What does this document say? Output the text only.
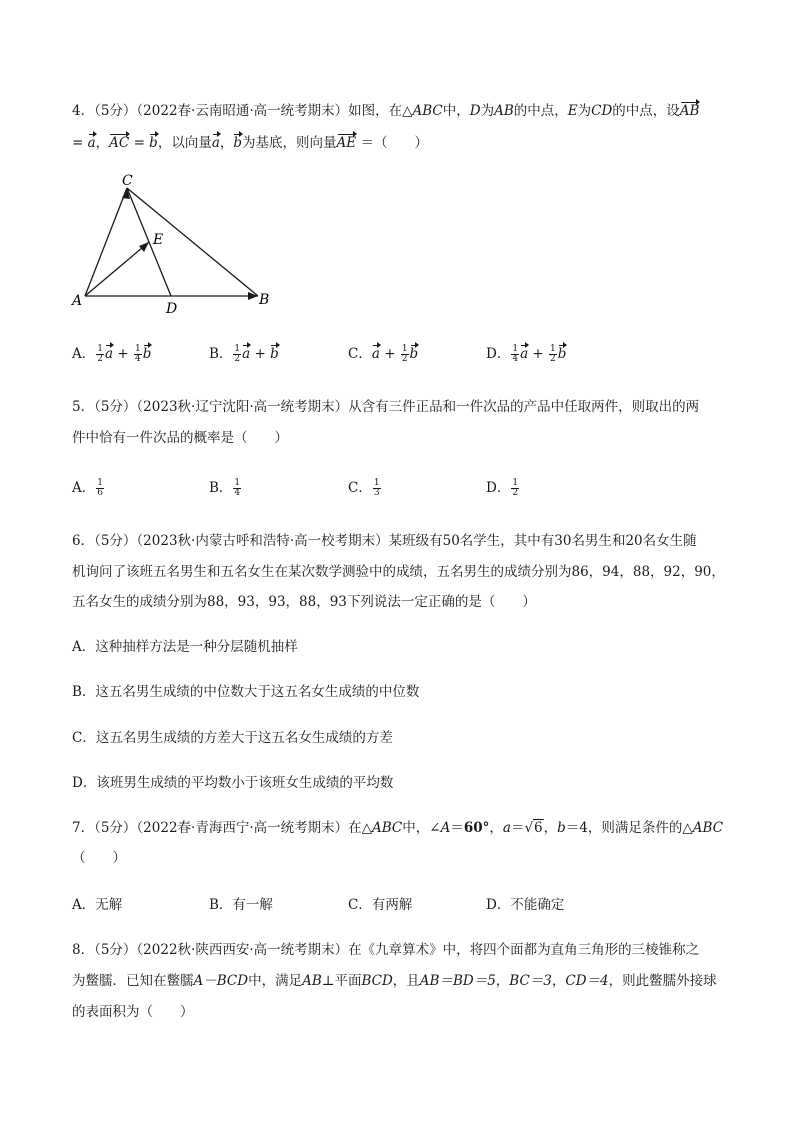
4．（5分）（2022春·云南昭通·高一统考期末）如图，在△ABC中，D为AB的中点，E为CD的中点，设AB
= a，AC = b，以向量a，b为基底，则向量AE ＝（　　）
C
E
A	D
B
A． $\frac{1}{2}$ $a + \frac{1}{4}$ b	B． $\frac{1}{2}$ a + b	C．$a + \frac{1}{2}$ b	D． $\frac{1}{4}$ $a + \frac{1}{2}$ b
5．（5分）（2023秋·辽宁沈阳·高一统考期末）从含有三件正品和一件次品的产品中任取两件，则取出的两
件中恰有一件次品的概率是（　　）
A． $\frac{1}{6}$	B． $\frac{1}{4}$	C． $\frac{1}{3}$	D． $\frac{1}{2}$
6．（5分）（2023秋·内蒙古呼和浩特·高一校考期末）某班级有50名学生，其中有30名男生和20名女生随
机询问了该班五名男生和五名女生在某次数学测验中的成绩，五名男生的成绩分别为86，94，88，92，90，
五名女生的成绩分别为88，93，93，88，93下列说法一定正确的是（　　）
A．这种抽样方法是一种分层随机抽样
B．这五名男生成绩的中位数大于这五名女生成绩的中位数
C．这五名男生成绩的方差大于这五名女生成绩的方差
D．该班男生成绩的平均数小于该班女生成绩的平均数
7．（5分）（2022春·青海西宁·高一统考期末）在△ABC中，∠A＝60°，a＝√6，b＝4，则满足条件的△ABC
（　　）
A．无解	B．有一解	C．有两解	D．不能确定
8．（5分）（2022秋·陕西西安·高一统考期末）在《九章算术》中，将四个面都为直角三角形的三棱锥称之
为鳖臑．已知在鳖臑A－BCD中，满足AB⊥平面BCD，且AB＝BD＝5，BC＝3，CD＝4，则此鳖臑外接球
的表面积为（　　）
